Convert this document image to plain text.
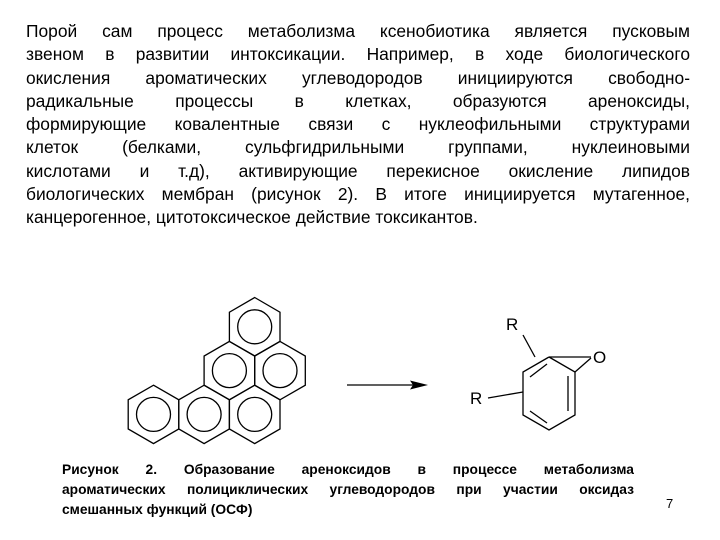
Порой сам процесс метаболизма ксенобиотика является пусковым
звеном в развитии интоксикации. Например, в ходе биологического
окисления ароматических углеводородов инициируются свободно-
радикальные процессы в клетках, образуются ареноксиды,
формирующие ковалентные связи с нуклеофильными структурами
клеток (белками, сульфгидрильными группами, нуклеиновыми
кислотами и т.д), активирующие перекисное окисление липидов
биологических мембран (рисунок 2). В итоге инициируется мутагенное,
канцерогенное, цитотоксическое действие токсикантов.
R
R
O
Рисунок 2. Образование ареноксидов в процессе метаболизма
ароматических полициклических углеводородов при участии оксидаз
смешанных функций (ОСФ)	7
